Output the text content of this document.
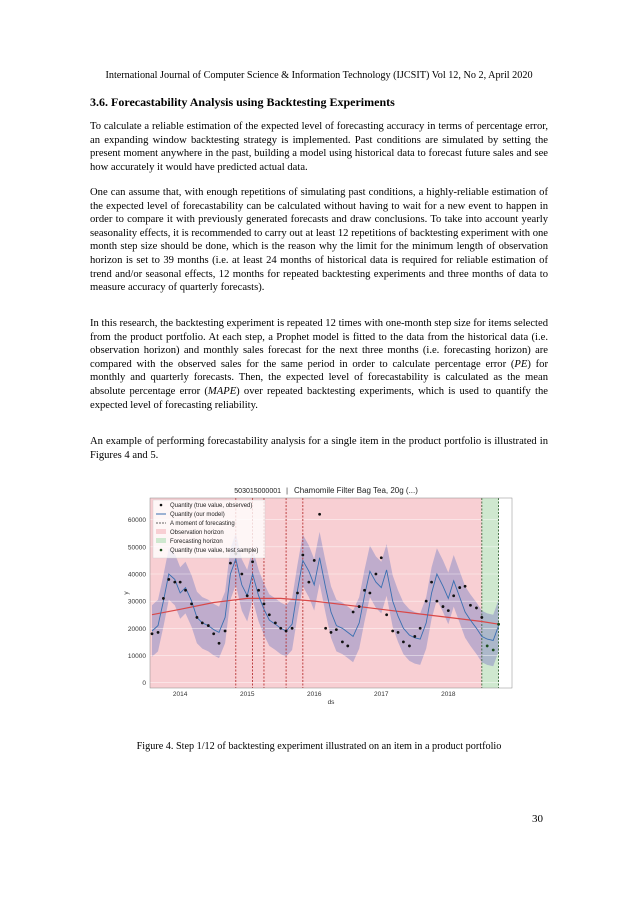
International Journal of Computer Science & Information Technology (IJCSIT) Vol 12, No 2, April 2020
3.6. Forecastability Analysis using Backtesting Experiments

To calculate a reliable estimation of the expected level of forecasting accuracy in terms of percentage error, an expanding window backtesting strategy is implemented. Past conditions are simulated by setting the present moment anywhere in the past, building a model using historical data to forecast future sales and see how accurately it would have predicted actual data.

One can assume that, with enough repetitions of simulating past conditions, a highly-reliable estimation of the expected level of forecastability can be calculated without having to wait for a new event to happen in order to compare it with previously generated forecasts and draw conclusions. To take into account yearly seasonality effects, it is recommended to carry out at least 12 repetitions of backtesting experiment with one month step size should be done, which is the reason why the limit for the minimum length of observation horizon is set to 39 months (i.e. at least 24 months of historical data is required for reliable estimation of trend and/or seasonal effects, 12 months for repeated backtesting experiments and three months of data to measure accuracy of quarterly forecasts).

In this research, the backtesting experiment is repeated 12 times with one-month step size for items selected from the product portfolio. At each step, a Prophet model is fitted to the data from the historical data (i.e. observation horizon) and monthly sales forecast for the next three months (i.e. forecasting horizon) are compared with the observed sales for the same period in order to calculate percentage error (PE) for monthly and quarterly forecasts. Then, the expected level of forecastability is calculated as the mean absolute percentage error (MAPE) over repeated backtesting experiments, which is used to quantify the expected level of forecasting reliability.

An example of performing forecastability analysis for a single item in the product portfolio is illustrated in Figures 4 and 5.

0
10000
20000
30000
40000
50000
60000
2014	2015	2016	2017	2018
ds
y
503015000001 | Chamomile Filter Bag Tea, 20g (...)
Quantity (true value, observed)
Quantity (our model)
A moment of forecasting
Observation horizon
Forecasting horizon
Quantity (true value, test sample)
Figure 4. Step 1/12 of backtesting experiment illustrated on an item in a product portfolio
30
